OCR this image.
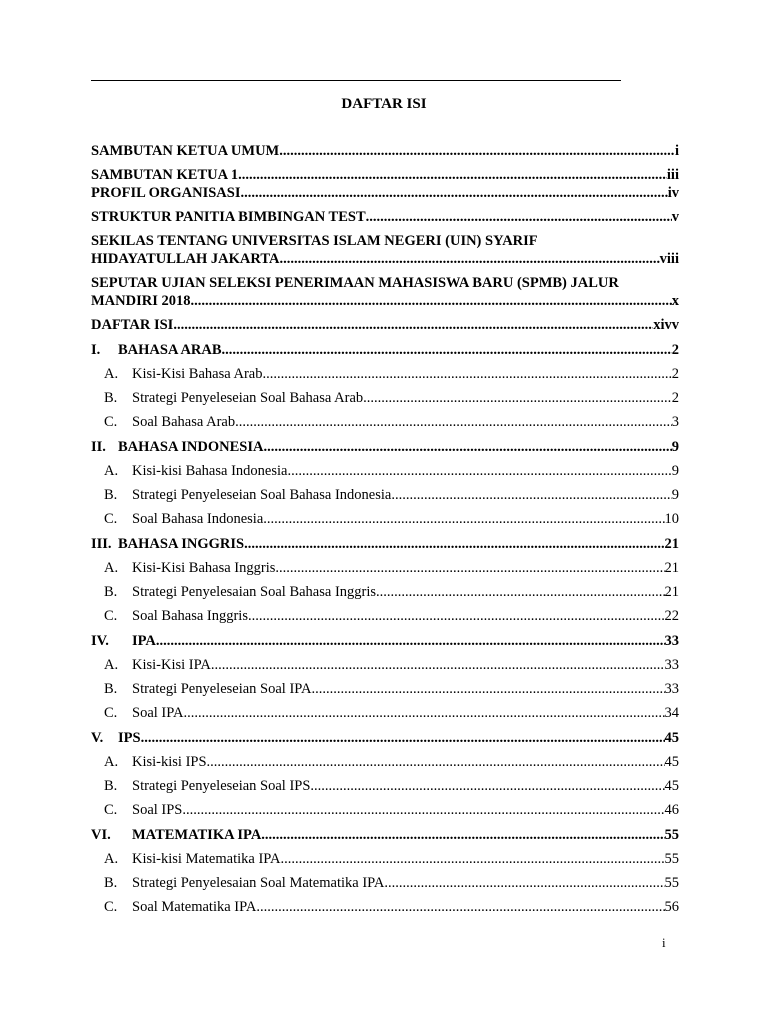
DAFTAR ISI
SAMBUTAN KETUA UMUM .....	i
SAMBUTAN KETUA 1 .....	iii
PROFIL ORGANISASI .....	iv
STRUKTUR PANITIA BIMBINGAN TEST .....	v
SEKILAS TENTANG UNIVERSITAS ISLAM NEGERI (UIN) SYARIF
HIDAYATULLAH JAKARTA .....	viii
SEPUTAR UJIAN SELEKSI PENERIMAAN MAHASISWA BARU (SPMB) JALUR
MANDIRI 2018 .....	x
DAFTAR ISI .....	xivv
I.	BAHASA ARAB .....	2
A. Kisi-Kisi Bahasa Arab .....	2
B.	Strategi Penyeleseian Soal Bahasa Arab .....	2
C.	Soal Bahasa Arab .....	3
II. BAHASA INDONESIA .....	9
A. Kisi-kisi Bahasa Indonesia .....	9
B.	Strategi Penyeleseian Soal Bahasa Indonesia .....	9
C.	Soal Bahasa Indonesia .....	10
III. BAHASA INGGRIS .....	21
A. Kisi-Kisi Bahasa Inggris .....	21
B.	Strategi Penyelesaian Soal Bahasa Inggris .....	21
C.	Soal Bahasa Inggris .....	22
IV.	IPA .....	33
A. Kisi-Kisi IPA .....	33
B.	Strategi Penyeleseian Soal IPA .....	33
C.	Soal IPA .....	34
V.	IPS .....	45
A. Kisi-kisi IPS .....	45
B.	Strategi Penyeleseian Soal IPS .....	45
C.	Soal IPS .....	46
VI.	MATEMATIKA IPA .....	55
A. Kisi-kisi Matematika IPA .....	55
B.	Strategi Penyelesaian Soal Matematika IPA .....	55
C.	Soal Matematika IPA .....	56
i
